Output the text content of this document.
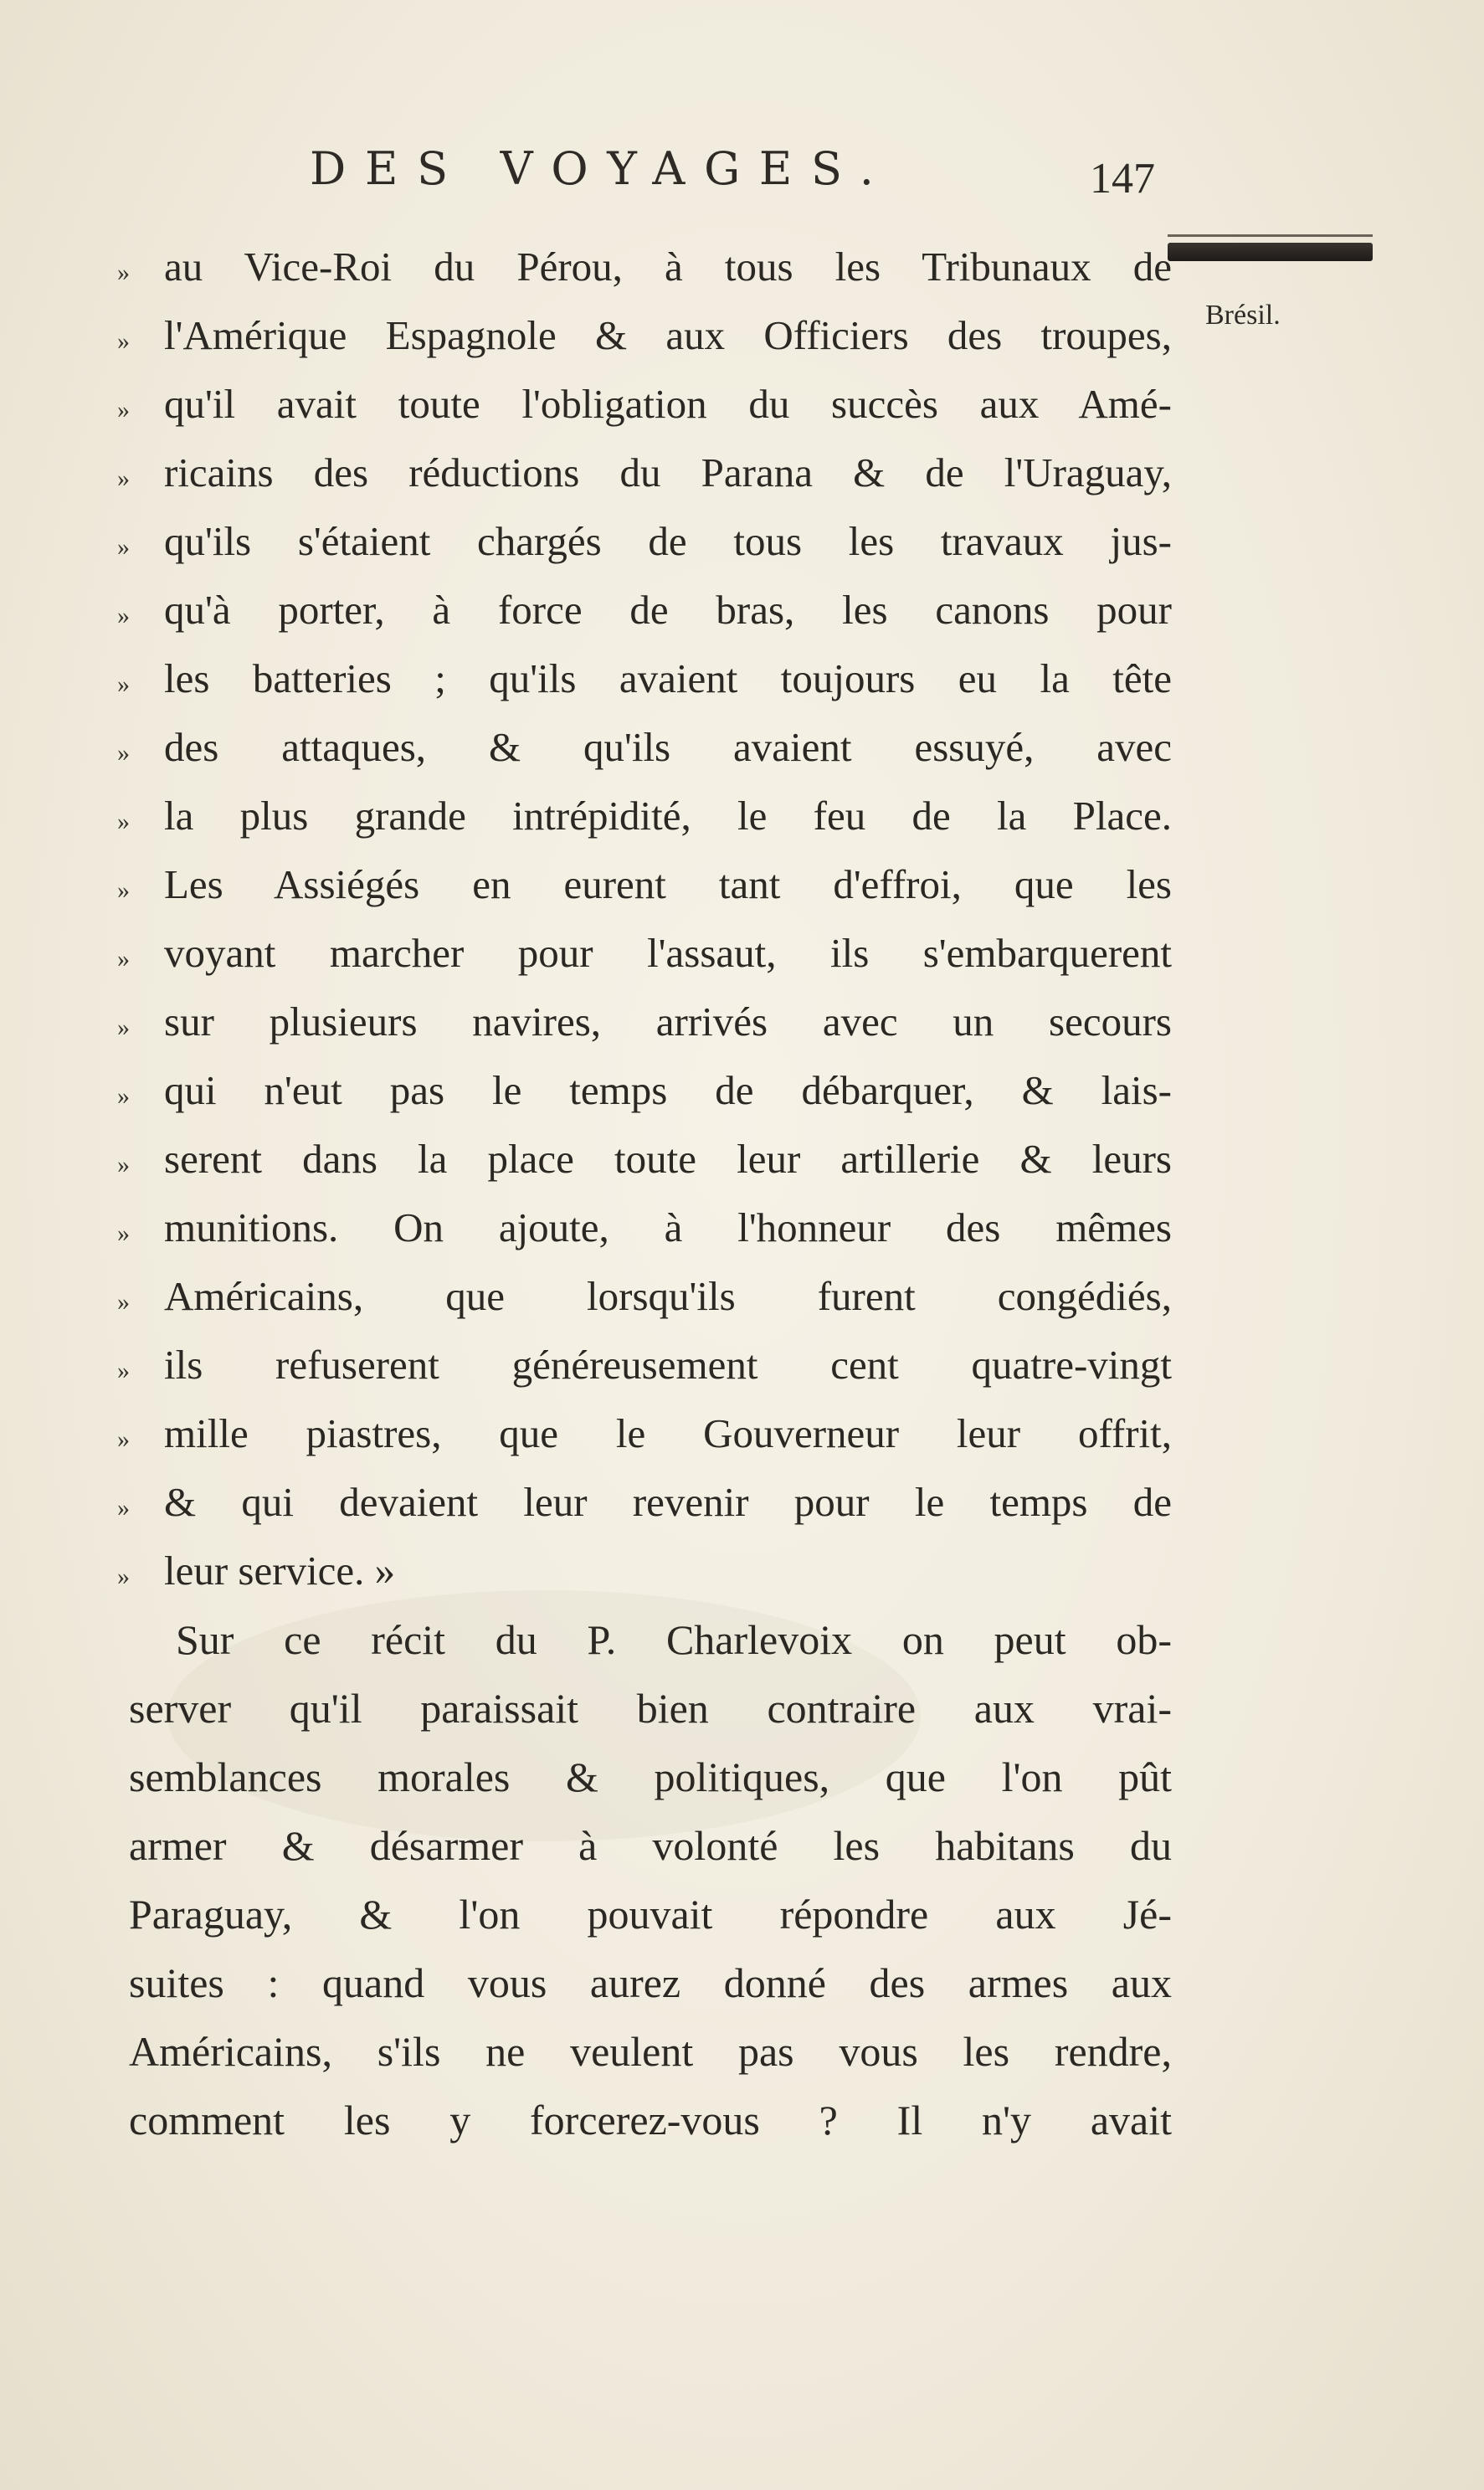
DES VOYAGES.	147
Brésil.
» au Vice-Roi du Pérou, à tous les Tribunaux de
» l'Amérique Espagnole & aux Officiers des troupes,
» qu'il avait toute l'obligation du succès aux Amé-
» ricains des réductions du Parana & de l'Uraguay,
» qu'ils s'étaient chargés de tous les travaux jus-
» qu'à porter, à force de bras, les canons pour
» les batteries ; qu'ils avaient toujours eu la tête
» des attaques, & qu'ils avaient essuyé, avec
» la plus grande intrépidité, le feu de la Place.
» Les Assiégés en eurent tant d'effroi, que les
» voyant marcher pour l'assaut, ils s'embarquerent
» sur plusieurs navires, arrivés avec un secours
» qui n'eut pas le temps de débarquer, & lais-
» serent dans la place toute leur artillerie & leurs
» munitions. On ajoute, à l'honneur des mêmes
» Américains, que lorsqu'ils furent congédiés,
» ils refuserent généreusement cent quatre-vingt
» mille piastres, que le Gouverneur leur offrit,
» & qui devaient leur revenir pour le temps de
» leur service. »
Sur ce récit du P. Charlevoix on peut ob-
server qu'il paraissait bien contraire aux vrai-
semblances morales & politiques, que l'on pût
armer & désarmer à volonté les habitans du
Paraguay, & l'on pouvait répondre aux Jé-
suites : quand vous aurez donné des armes aux
Américains, s'ils ne veulent pas vous les rendre,
comment les y forcerez-vous ? Il n'y avait
